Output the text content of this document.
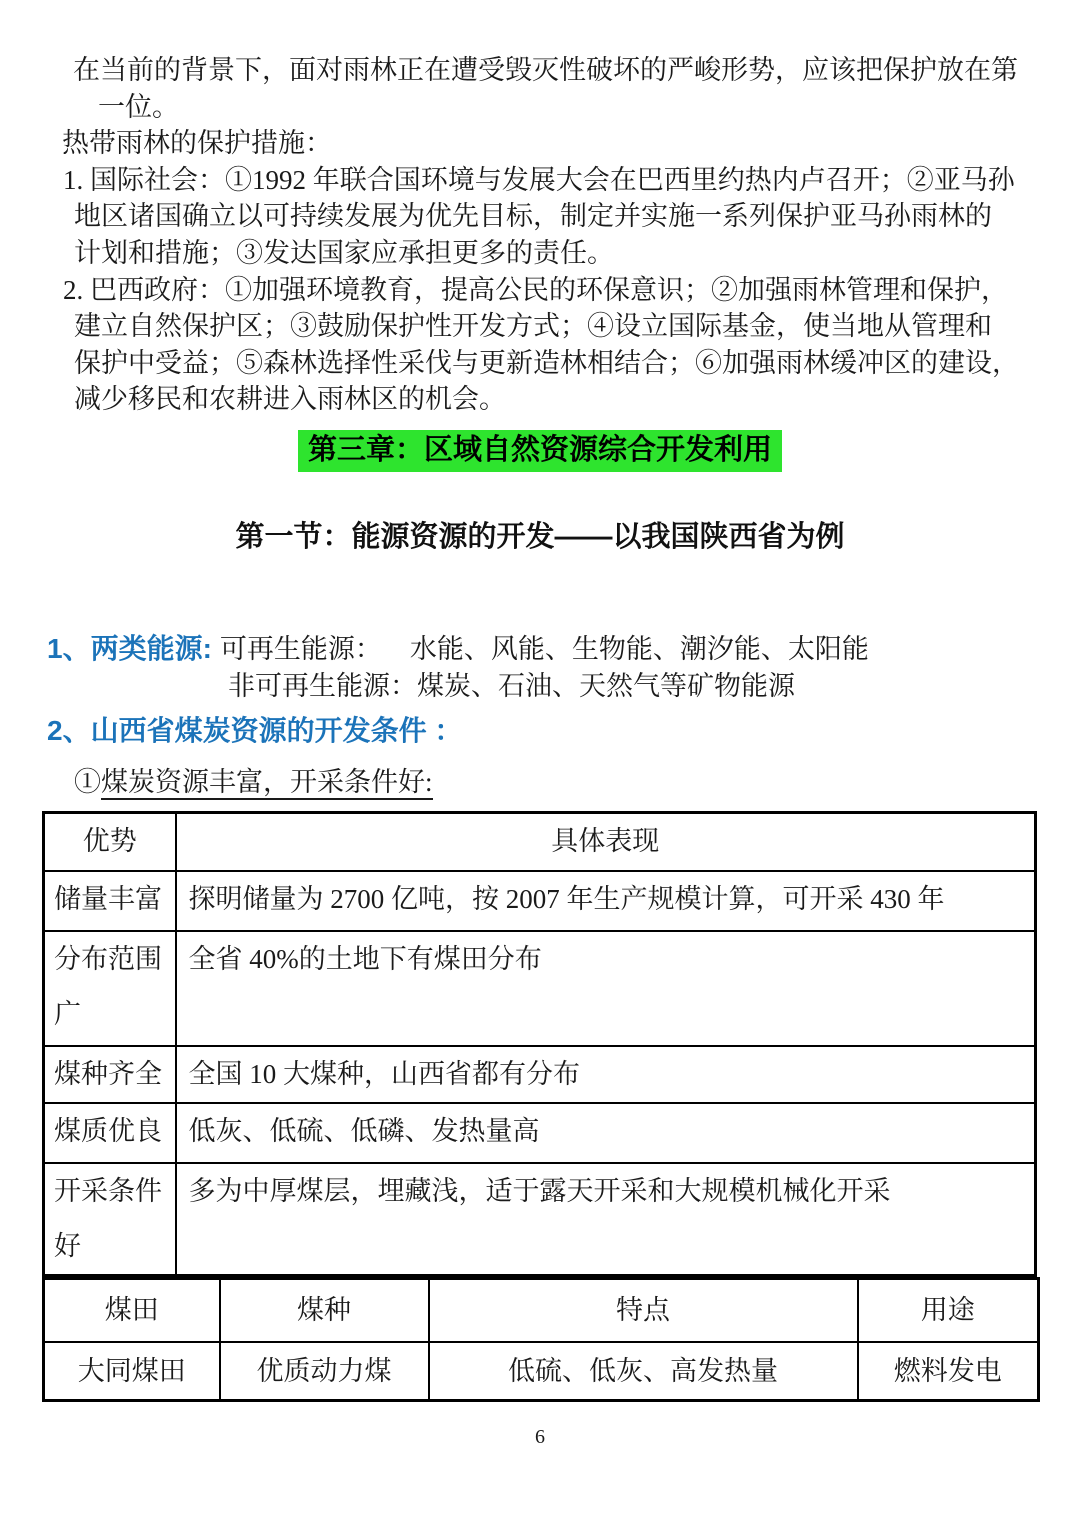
在当前的背景下，面对雨林正在遭受毁灭性破坏的严峻形势，应该把保护放在第
一位。
热带雨林的保护措施：
1. 国际社会：①1992 年联合国环境与发展大会在巴西里约热内卢召开；②亚马孙
地区诸国确立以可持续发展为优先目标，制定并实施一系列保护亚马孙雨林的
计划和措施；③发达国家应承担更多的责任。
2. 巴西政府：①加强环境教育，提高公民的环保意识；②加强雨林管理和保护，
建立自然保护区；③鼓励保护性开发方式；④设立国际基金，使当地从管理和
保护中受益；⑤森林选择性采伐与更新造林相结合；⑥加强雨林缓冲区的建设，
减少移民和农耕进入雨林区的机会。
第三章：区域自然资源综合开发利用
第一节：能源资源的开发——以我国陕西省为例
1、两类能源: 可再生能源： 水能、风能、生物能、潮汐能、太阳能
非可再生能源：煤炭、石油、天然气等矿物能源
2、山西省煤炭资源的开发条件 ：
①煤炭资源丰富，开采条件好:
优势	具体表现
储量丰富	探明储量为 2700 亿吨，按 2007 年生产规模计算，可开采 430 年
分布范围广	全省 40%的土地下有煤田分布
煤种齐全	全国 10 大煤种，山西省都有分布
煤质优良	低灰、低硫、低磷、发热量高
开采条件好	多为中厚煤层，埋藏浅，适于露天开采和大规模机械化开采
煤田	煤种	特点	用途
大同煤田	优质动力煤	低硫、低灰、高发热量	燃料发电
6
